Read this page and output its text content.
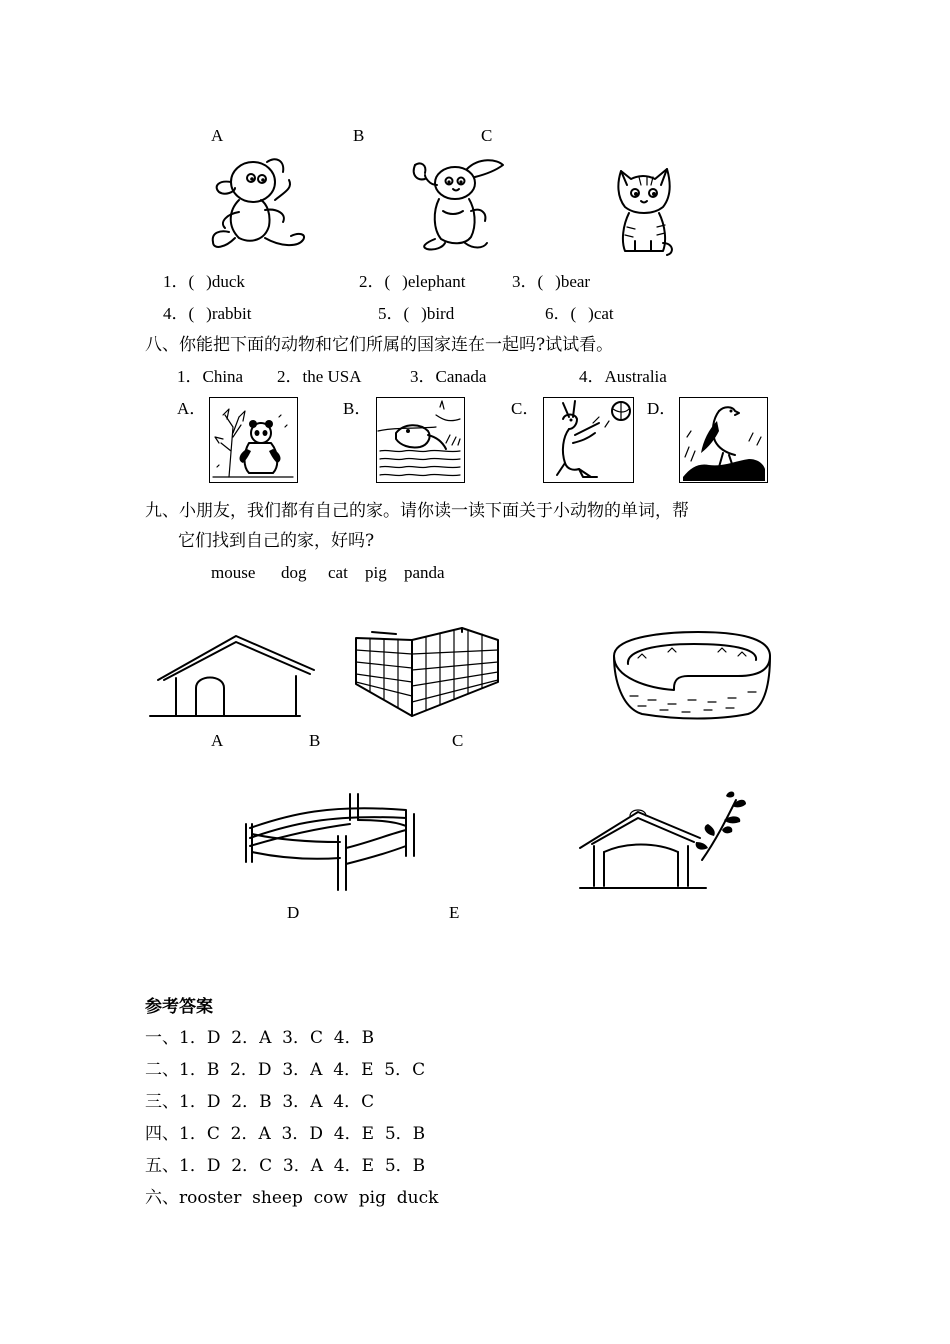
A	B	C
1．( )duck	2．( )elephant	3．( )bear
4．( )rabbit	5．( )bird	6．( )cat
八、你能把下面的动物和它们所属的国家连在一起吗?试试看。
1．China 2．the USA	3．Canada	4．Australia
A．	B．	C．	D．
九、小朋友，我们都有自己的家。请你读一读下面关于小动物的单词，帮
它们找到自己的家，好吗?
mouse dog cat pig panda
A	B	C
D	E
参考答案
一、1．D  2．A  3．C  4．B
二、1．B  2．D  3．A  4．E  5．C
三、1．D  2．B  3．A  4．C
四、1．C  2．A  3．D  4．E  5．B
五、1．D  2．C  3．A  4．E  5．B
六、rooster  sheep  cow  pig  duck
